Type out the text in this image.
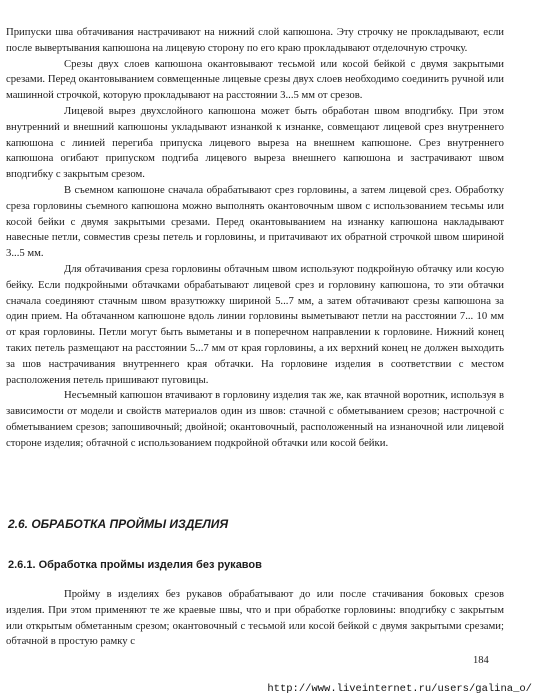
Припуски шва обтачивания настрачивают на нижний слой капюшона. Эту строчку не прокладывают, если после вывертывания капюшона на лицевую сторону по его краю прокладывают отделочную строчку.

Срезы двух слоев капюшона окантовывают тесьмой или косой бейкой с двумя закрытыми срезами. Перед окантовыванием совмещенные лицевые срезы двух слоев необходимо соединить ручной или машинной строчкой, которую прокладывают на расстоянии 3...5 мм от срезов.

Лицевой вырез двухслойного капюшона может быть обработан швом вподгибку. При этом внутренний и внешний капюшоны укладывают изнанкой к изнанке, совмещают лицевой срез внутреннего капюшона с линией перегиба припуска лицевого выреза на внешнем капюшоне. Срез внутреннего капюшона огибают припуском подгиба лицевого выреза внешнего капюшона и застрачивают швом вподгибку с закрытым срезом.

В съемном капюшоне сначала обрабатывают срез горловины, а затем лицевой срез. Обработку среза горловины съемного капюшона можно выполнять окантовочным швом с использованием тесьмы или косой бейки с двумя закрытыми срезами. Перед окантовыванием на изнанку капюшона накладывают навесные петли, совместив срезы петель и горловины, и притачивают их обратной строчкой швом шириной 3...5 мм.

Для обтачивания среза горловины обтачным швом используют подкройную обтачку или косую бейку. Если подкройными обтачками обрабатывают лицевой срез и горловину капюшона, то эти обтачки сначала соединяют стачным швом вразутюжку шириной 5...7 мм, а затем обтачивают срезы капюшона за один прием. На обтачанном капюшоне вдоль линии горловины выметывают петли на расстоянии 7... 10 мм от края горловины. Петли могут быть выметаны и в поперечном направлении к горловине. Нижний конец таких петель размещают на расстоянии 5...7 мм от края горловины, а их верхний конец не должен выходить за шов настрачивания внутреннего края обтачки. На горловине изделия в соответствии с местом расположения петель пришивают пуговицы.

Несъемный капюшон втачивают в горловину изделия так же, как втачной воротник, используя в зависимости от модели и свойств материалов один из швов: стачной с обметыванием срезов; настрочной с обметыванием срезов; запошивочный; двойной; окантовочный, расположенный на изнаночной или лицевой стороне изделия; обтачной с использованием подкройной обтачки или косой бейки.

2.6. ОБРАБОТКА ПРОЙМЫ ИЗДЕЛИЯ
2.6.1. Обработка проймы изделия без рукавов

Пройму в изделиях без рукавов обрабатывают до или после стачивания боковых срезов изделия. При этом применяют те же краевые швы, что и при обработке горловины: вподгибку с закрытым или открытым обметанным срезом; окантовочный с тесьмой или косой бейкой с двумя закрытыми срезами; обтачной в простую рамку с

184
http://www.liveinternet.ru/users/galina_o/
